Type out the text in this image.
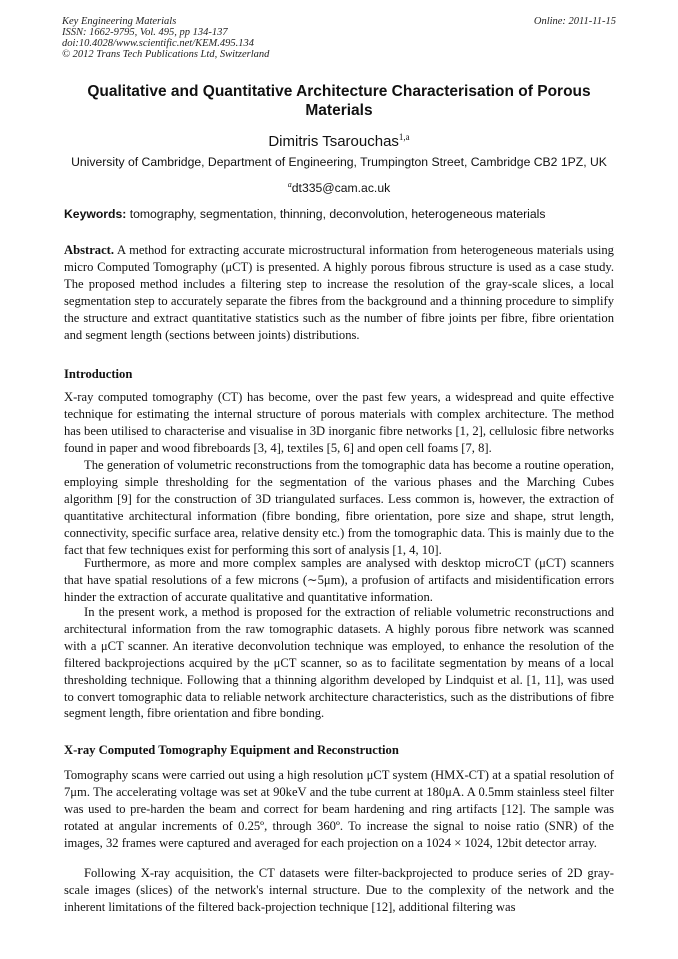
Key Engineering Materials
ISSN: 1662-9795, Vol. 495, pp 134-137
doi:10.4028/www.scientific.net/KEM.495.134
© 2012 Trans Tech Publications Ltd, Switzerland
Online: 2011-11-15
Qualitative and Quantitative Architecture Characterisation of Porous Materials
Dimitris Tsarouchas$^{1,a}$
University of Cambridge, Department of Engineering, Trumpington Street, Cambridge CB2 1PZ, UK
$^a$dt335@cam.ac.uk
Keywords: tomography, segmentation, thinning, deconvolution, heterogeneous materials

Abstract. A method for extracting accurate microstructural information from heterogeneous materials using micro Computed Tomography (μCT) is presented. A highly porous fibrous structure is used as a case study. The proposed method includes a filtering step to increase the resolution of the gray-scale slices, a local segmentation step to accurately separate the fibres from the background and a thinning procedure to simplify the structure and extract quantitative statistics such as the number of fibre joints per fibre, fibre orientation and segment length (sections between joints) distributions.

Introduction

X-ray computed tomography (CT) has become, over the past few years, a widespread and quite effective technique for estimating the internal structure of porous materials with complex architecture. The method has been utilised to characterise and visualise in 3D inorganic fibre networks [1, 2], cellulosic fibre networks found in paper and wood fibreboards [3, 4], textiles [5, 6] and open cell foams [7, 8].

The generation of volumetric reconstructions from the tomographic data has become a routine operation, employing simple thresholding for the segmentation of the various phases and the Marching Cubes algorithm [9] for the construction of 3D triangulated surfaces. Less common is, however, the extraction of quantitative architectural information (fibre bonding, fibre orientation, pore size and shape, strut length, connectivity, specific surface area, relative density etc.) from the tomographic data. This is mainly due to the fact that few techniques exist for performing this sort of analysis [1, 4, 10].

Furthermore, as more and more complex samples are analysed with desktop microCT (μCT) scanners that have spatial resolutions of a few microns (∼5μm), a profusion of artifacts and misidentification errors hinder the extraction of accurate qualitative and quantitative information.

In the present work, a method is proposed for the extraction of reliable volumetric reconstructions and architectural information from the raw tomographic datasets. A highly porous fibre network was scanned with a μCT scanner. An iterative deconvolution technique was employed, to enhance the resolution of the filtered backprojections acquired by the μCT scanner, so as to facilitate segmentation by means of a local thresholding technique. Following that a thinning algorithm developed by Lindquist et al. [1, 11], was used to convert tomographic data to reliable network architecture characteristics, such as the distributions of fibre segment length, fibre orientation and fibre bonding.

X-ray Computed Tomography Equipment and Reconstruction

Tomography scans were carried out using a high resolution μCT system (HMX-CT) at a spatial resolution of 7μm. The accelerating voltage was set at 90keV and the tube current at 180μA. A 0.5mm stainless steel filter was used to pre-harden the beam and correct for beam hardening and ring artifacts [12]. The sample was rotated at angular increments of 0.25º, through 360º. To increase the signal to noise ratio (SNR) of the images, 32 frames were captured and averaged for each projection on a 1024 × 1024, 12bit detector array.

Following X-ray acquisition, the CT datasets were filter-backprojected to produce series of 2D gray-scale images (slices) of the network's internal structure. Due to the complexity of the network and the inherent limitations of the filtered back-projection technique [12], additional filtering was
